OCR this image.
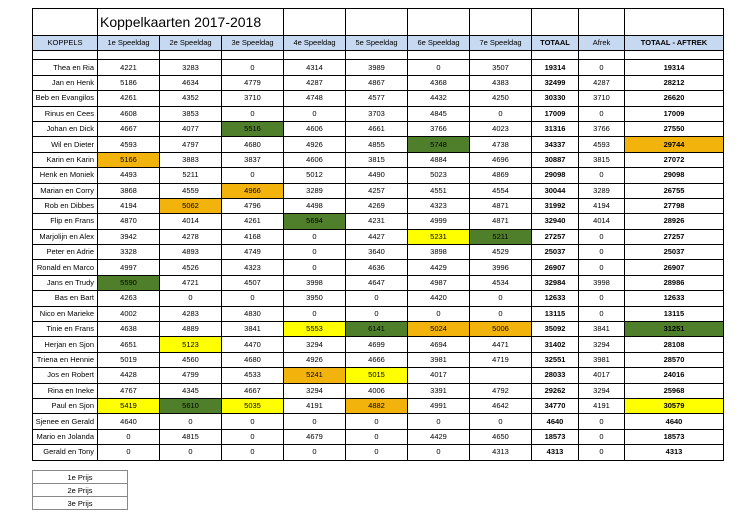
	Koppelkaarten 2017-2018									
KOPPELS	1e Speeldag	2e Speeldag	3e Speeldag	4e Speeldag	5e Speeldag	6e Speeldag	7e Speeldag	TOTAAL	Afrek	TOTAAL - AFTREK

Thea en Ria	4221	3283	0	4314	3989	0	3507	19314	0	19314
Jan en Henk	5186	4634	4779	4287	4867	4368	4383	32499	4287	28212
Beb en Evangilos	4261	4352	3710	4748	4577	4432	4250	30330	3710	26620
Rinus en Cees	4608	3853	0	0	3703	4845	0	17009	0	17009
Johan en Dick	4667	4077	5516	4606	4661	3766	4023	31316	3766	27550
Wil en Dieter	4593	4797	4680	4926	4855	5748	4738	34337	4593	29744
Karin en Karin	5166	3883	3837	4606	3815	4884	4696	30887	3815	27072
Henk en Moniek	4493	5211	0	5012	4490	5023	4869	29098	0	29098
Marian en Corry	3868	4559	4966	3289	4257	4551	4554	30044	3289	26755
Rob en Dibbes	4194	5062	4796	4498	4269	4323	4871	31992	4194	27798
Flip en Frans	4870	4014	4261	5694	4231	4999	4871	32940	4014	28926
Marjolijn en Alex	3942	4278	4168	0	4427	5231	5211	27257	0	27257
Peter en Adrie	3328	4893	4749	0	3640	3898	4529	25037	0	25037
Ronald en Marco	4997	4526	4323	0	4636	4429	3996	26907	0	26907
Jans en Trudy	5590	4721	4507	3998	4647	4987	4534	32984	3998	28986
Bas en Bart	4263	0	0	3950	0	4420	0	12633	0	12633
Nico en Marieke	4002	4283	4830	0	0	0	0	13115	0	13115
Tinie en Frans	4638	4889	3841	5553	6141	5024	5006	35092	3841	31251
Herjan en Sjon	4651	5123	4470	3294	4699	4694	4471	31402	3294	28108
Triena en Hennie	5019	4560	4680	4926	4666	3981	4719	32551	3981	28570
Jos en Robert	4428	4799	4533	5241	5015	4017		28033	4017	24016
Rina en Ineke	4767	4345	4667	3294	4006	3391	4792	29262	3294	25968
Paul en Sjon	5419	5610	5035	4191	4882	4991	4642	34770	4191	30579
Sjenee en Gerald	4640	0	0	0	0	0	0	4640	0	4640
Mario en Jolanda	0	4815	0	4679	0	4429	4650	18573	0	18573
Gerald en Tony	0	0	0	0	0	0	4313	4313	0	4313
1e Prijs
2e Prijs
3e Prijs
